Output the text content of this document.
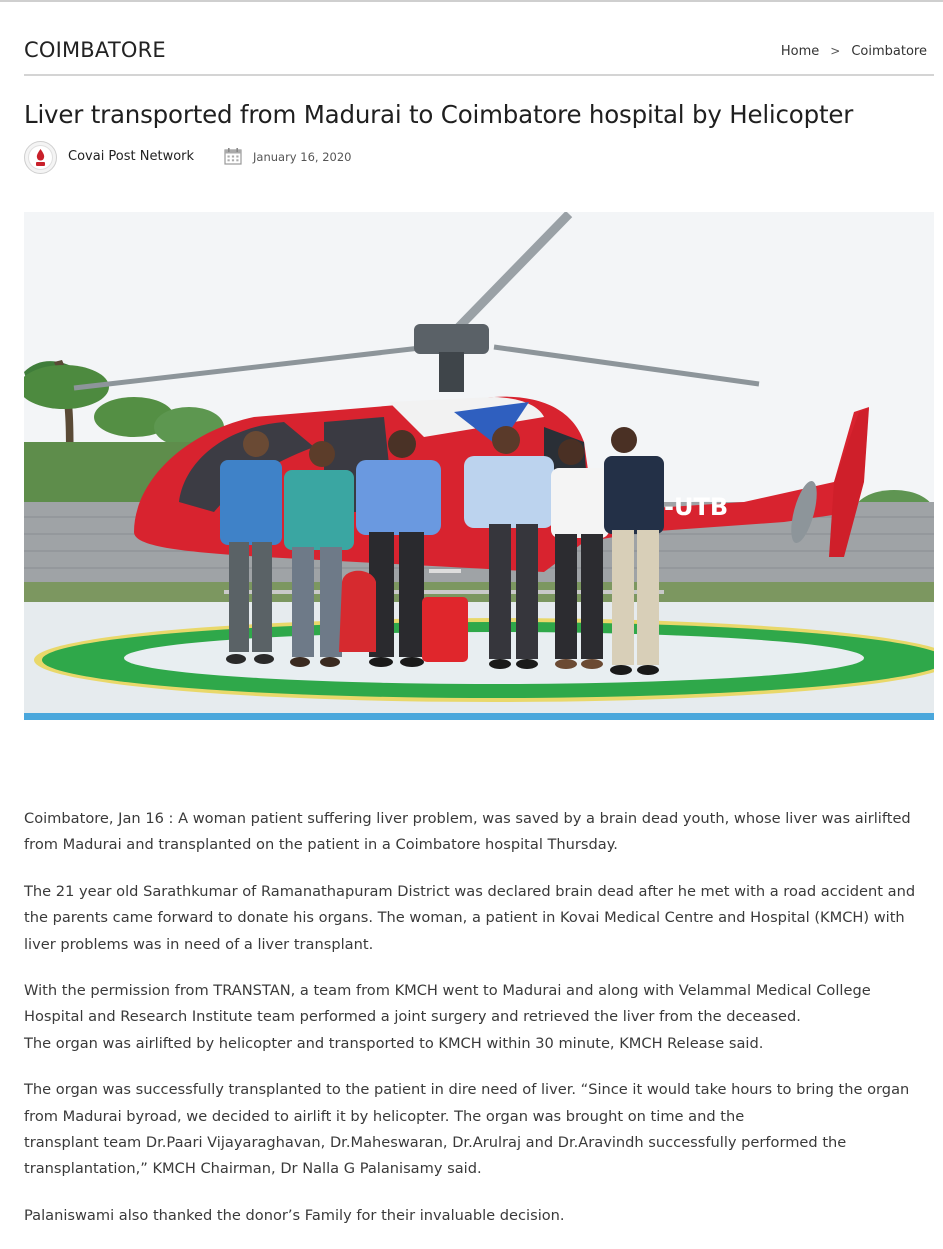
COIMBATORE	Home > Coimbatore
Liver transported from Madurai to Coimbatore hospital by Helicopter
Covai Post Network	January 16, 2020
-UTB

Coimbatore, Jan 16 : A woman patient suffering liver problem, was saved by a brain dead youth, whose liver was airlifted
from Madurai and transplanted on the patient in a Coimbatore hospital Thursday.

The 21 year old Sarathkumar of Ramanathapuram District was declared brain dead after he met with a road accident and
the parents came forward to donate his organs. The woman, a patient in Kovai Medical Centre and Hospital (KMCH) with
liver problems was in need of a liver transplant.

With the permission from TRANSTAN, a team from KMCH went to Madurai and along with Velammal Medical College
Hospital and Research Institute team performed a joint surgery and retrieved the liver from the deceased.
The organ was airlifted by helicopter and transported to KMCH within 30 minute, KMCH Release said.

The organ was successfully transplanted to the patient in dire need of liver. “Since it would take hours to bring the organ
from Madurai byroad, we decided to airlift it by helicopter. The organ was brought on time and the
transplant team Dr.Paari Vijayaraghavan, Dr.Maheswaran, Dr.Arulraj and Dr.Aravindh successfully performed the
transplantation,” KMCH Chairman, Dr Nalla G Palanisamy said.

Palaniswami also thanked the donor’s Family for their invaluable decision.
